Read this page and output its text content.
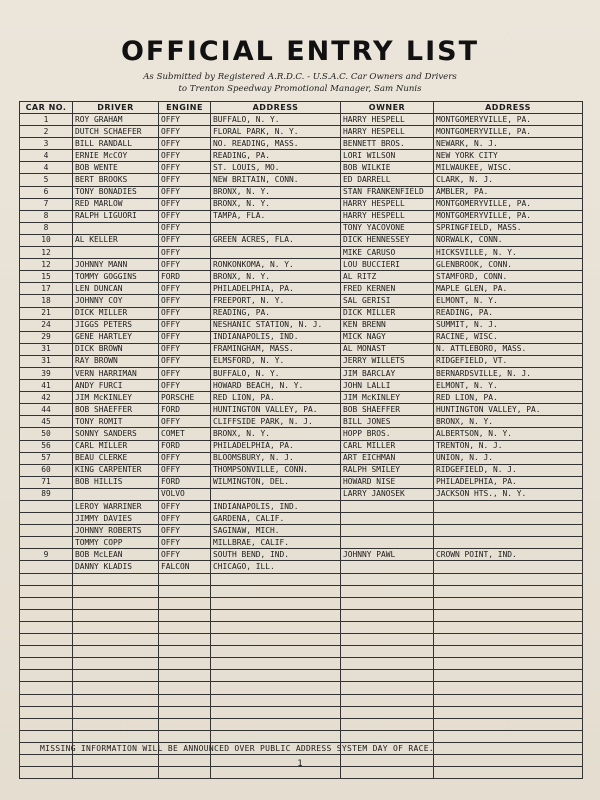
OFFICIAL ENTRY LIST
As Submitted by Registered A.R.D.C. - U.S.A.C. Car Owners and Drivers
to Trenton Speedway Promotional Manager, Sam Nunis
CAR NO.	DRIVER	ENGINE	ADDRESS	OWNER	ADDRESS
1	ROY GRAHAM	OFFY	BUFFALO, N. Y.	HARRY HESPELL	MONTGOMERYVILLE, PA.
2	DUTCH SCHAEFER	OFFY	FLORAL PARK, N. Y.	HARRY HESPELL	MONTGOMERYVILLE, PA.
3	BILL RANDALL	OFFY	NO. READING, MASS.	BENNETT BROS.	NEWARK, N. J.
4	ERNIE McCOY	OFFY	READING, PA.	LORI WILSON	NEW YORK CITY
4	BOB WENTE	OFFY	ST. LOUIS, MO.	BOB WILKIE	MILWAUKEE, WISC.
5	BERT BROOKS	OFFY	NEW BRITAIN, CONN.	ED DARRELL	CLARK, N. J.
6	TONY BONADIES	OFFY	BRONX, N. Y.	STAN FRANKENFIELD	AMBLER, PA.
7	RED MARLOW	OFFY	BRONX, N. Y.	HARRY HESPELL	MONTGOMERYVILLE, PA.
8	RALPH LIGUORI	OFFY	TAMPA, FLA.	HARRY HESPELL	MONTGOMERYVILLE, PA.
8		OFFY		TONY YACOVONE	SPRINGFIELD, MASS.
10	AL KELLER	OFFY	GREEN ACRES, FLA.	DICK HENNESSEY	NORWALK, CONN.
12		OFFY		MIKE CARUSO	HICKSVILLE, N. Y.
12	JOHNNY MANN	OFFY	RONKONKOMA, N. Y.	LOU BUCCIERI	GLENBROOK, CONN.
15	TOMMY GOGGINS	FORD	BRONX, N. Y.	AL RITZ	STAMFORD, CONN.
17	LEN DUNCAN	OFFY	PHILADELPHIA, PA.	FRED KERNEN	MAPLE GLEN, PA.
18	JOHNNY COY	OFFY	FREEPORT, N. Y.	SAL GERISI	ELMONT, N. Y.
21	DICK MILLER	OFFY	READING, PA.	DICK MILLER	READING, PA.
24	JIGGS PETERS	OFFY	NESHANIC STATION, N. J.	KEN BRENN	SUMMIT, N. J.
29	GENE HARTLEY	OFFY	INDIANAPOLIS, IND.	MICK NAGY	RACINE, WISC.
31	DICK BROWN	OFFY	FRAMINGHAM, MASS.	AL MONAST	N. ATTLEBORO, MASS.
31	RAY BROWN	OFFY	ELMSFORD, N. Y.	JERRY WILLETS	RIDGEFIELD, VT.
39	VERN HARRIMAN	OFFY	BUFFALO, N. Y.	JIM BARCLAY	BERNARDSVILLE, N. J.
41	ANDY FURCI	OFFY	HOWARD BEACH, N. Y.	JOHN LALLI	ELMONT, N. Y.
42	JIM McKINLEY	PORSCHE	RED LION, PA.	JIM McKINLEY	RED LION, PA.
44	BOB SHAEFFER	FORD	HUNTINGTON VALLEY, PA.	BOB SHAEFFER	HUNTINGTON VALLEY, PA.
45	TONY ROMIT	OFFY	CLIFFSIDE PARK, N. J.	BILL JONES	BRONX, N. Y.
50	SONNY SANDERS	COMET	BRONX, N. Y.	HOPP BROS.	ALBERTSON, N. Y.
56	CARL MILLER	FORD	PHILADELPHIA, PA.	CARL MILLER	TRENTON, N. J.
57	BEAU CLERKE	OFFY	BLOOMSBURY, N. J.	ART EICHMAN	UNION, N. J.
60	KING CARPENTER	OFFY	THOMPSONVILLE, CONN.	RALPH SMILEY	RIDGEFIELD, N. J.
71	BOB HILLIS	FORD	WILMINGTON, DEL.	HOWARD NISE	PHILADELPHIA, PA.
89		VOLVO		LARRY JANOSEK	JACKSON HTS., N. Y.
	LEROY WARRINER	OFFY	INDIANAPOLIS, IND.		
	JIMMY DAVIES	OFFY	GARDENA, CALIF.		
	JOHNNY ROBERTS	OFFY	SAGINAW, MICH.		
	TOMMY COPP	OFFY	MILLBRAE, CALIF.		
9	BOB McLEAN	OFFY	SOUTH BEND, IND.	JOHNNY PAWL	CROWN POINT, IND.
	DANNY KLADIS	FALCON	CHICAGO, ILL.		

MISSING INFORMATION WILL BE ANNOUNCED OVER PUBLIC ADDRESS SYSTEM DAY OF RACE.
1
